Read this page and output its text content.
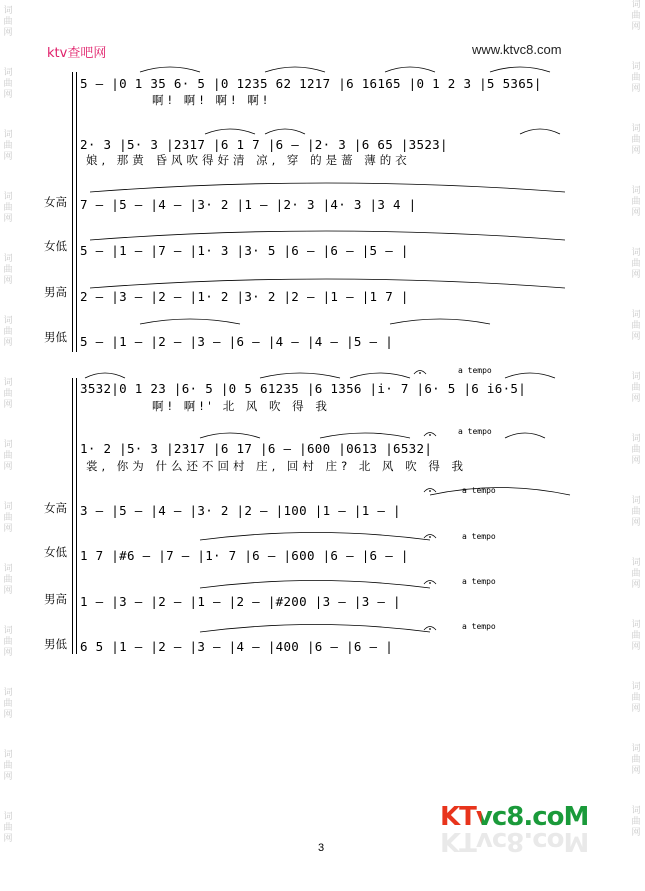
词
曲
网
词
曲
网
词
曲
网
词
曲
网
词
曲
网
词
曲
网
词
曲
网
词
曲
网
词
曲
网
词
曲
网
词
曲
网
词
曲
网
词
曲
网
词
曲
网
词
曲
网
词
曲
网
词
曲
网
词
曲
网
词
曲
网
词
曲
网
词
曲
网
词
曲
网
词
曲
网
词
曲
网
词
曲
网
词
曲
网
词
曲
网
词
曲
网
ktv查吧网	www.ktvc8.com
5 — |0 1 35 6· 5 |0 1235 62 1217 |6 16165 |0 1 2 3 |5 5365|
啊! 啊! 啊! 啊!
2· 3 |5· 3 |2317 |6 1 7 |6 — |2· 3 |6 65 |3523|
娘, 那黄 昏风吹得好清 凉, 穿 的是蔷 薄的衣
女高 7 — |5 — |4 — |3· 2 |1 — |2· 3 |4· 3 |3 4 |
女低 5 — |1 — |7 — |1· 3 |3· 5 |6 — |6 — |5 — |
男高 2 — |3 — |2 — |1· 2 |3· 2 |2 — |1 — |1 7 |
男低 5 — |1 — |2 — |3 — |6 — |4 — |4 — |5 — |
a tempo
3532|0 1 23 |6· 5 |0 5 61235 |6 1356 |i· 7 |6· 5 |6 i6·5|
啊! 啊!' 北 风 吹 得 我
a tempo
1· 2 |5· 3 |2317 |6 17 |6 — |600 |0613 |6532|
裳, 你为 什么还不回村 庄, 回村 庄? 北 风 吹 得 我
a tempo
女高 3 — |5 — |4 — |3· 2 |2 — |100 |1 — |1 — |
a tempo
女低 1 7 |#6 — |7 — |1· 7 |6 — |600 |6 — |6 — |
a tempo
男高 1 — |3 — |2 — |1 — |2 — |#200 |3 — |3 — |
a tempo
男低 6 5 |1 — |2 — |3 — |4 — |400 |6 — |6 — |
KTvc8.coM
KTvc8.coM
3
